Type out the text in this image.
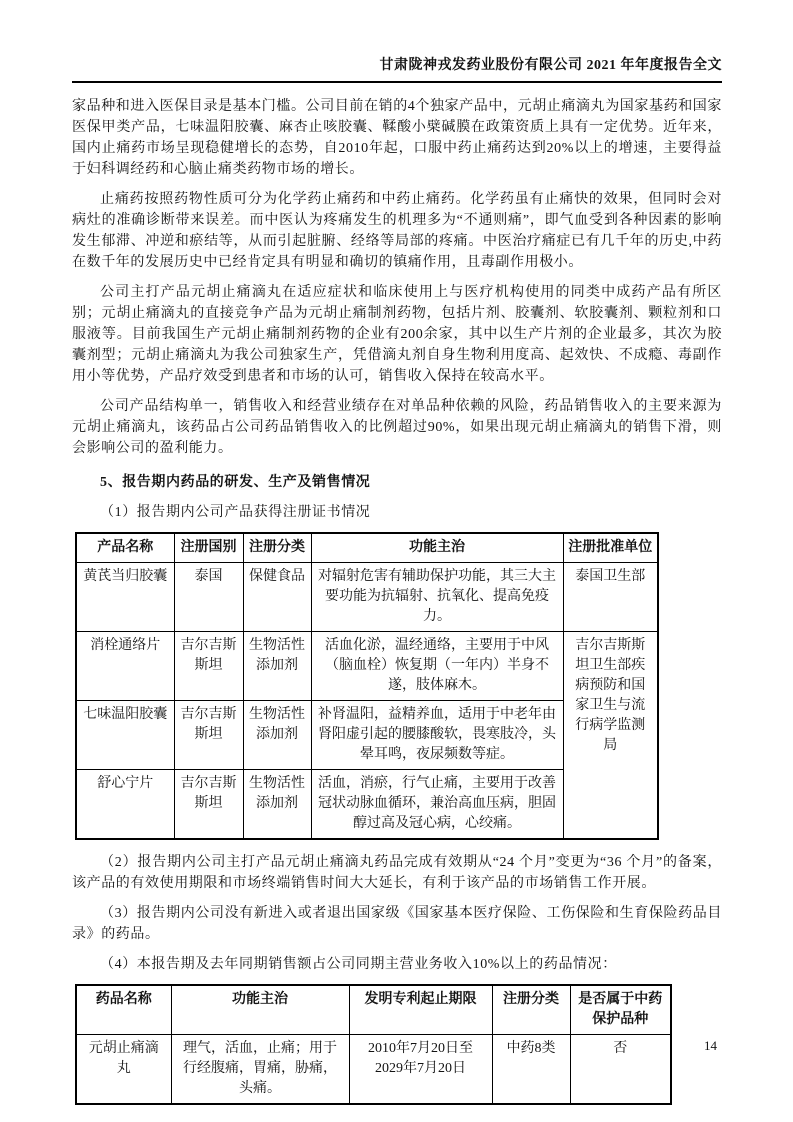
甘肃陇神戎发药业股份有限公司 2021 年年度报告全文

家品种和进入医保目录是基本门槛。公司目前在销的4个独家产品中，元胡止痛滴丸为国家基药和国家医保甲类产品，七味温阳胶囊、麻杏止咳胶囊、鞣酸小檗碱膜在政策资质上具有一定优势。近年来，国内止痛药市场呈现稳健增长的态势，自2010年起，口服中药止痛药达到20%以上的增速，主要得益于妇科调经药和心脑止痛类药物市场的增长。

止痛药按照药物性质可分为化学药止痛药和中药止痛药。化学药虽有止痛快的效果，但同时会对病灶的准确诊断带来误差。而中医认为疼痛发生的机理多为“不通则痛”，即气血受到各种因素的影响发生郁滞、冲逆和瘀结等，从而引起脏腑、经络等局部的疼痛。中医治疗痛症已有几千年的历史,中药在数千年的发展历史中已经肯定具有明显和确切的镇痛作用，且毒副作用极小。

公司主打产品元胡止痛滴丸在适应症状和临床使用上与医疗机构使用的同类中成药产品有所区别；元胡止痛滴丸的直接竞争产品为元胡止痛制剂药物，包括片剂、胶囊剂、软胶囊剂、颗粒剂和口服液等。目前我国生产元胡止痛制剂药物的企业有200余家，其中以生产片剂的企业最多，其次为胶囊剂型；元胡止痛滴丸为我公司独家生产，凭借滴丸剂自身生物利用度高、起效快、不成瘾、毒副作用小等优势，产品疗效受到患者和市场的认可，销售收入保持在较高水平。

公司产品结构单一，销售收入和经营业绩存在对单品种依赖的风险，药品销售收入的主要来源为元胡止痛滴丸，该药品占公司药品销售收入的比例超过90%，如果出现元胡止痛滴丸的销售下滑，则会影响公司的盈利能力。

5、报告期内药品的研发、生产及销售情况

（1）报告期内公司产品获得注册证书情况

产品名称	注册国别	注册分类	功能主治	注册批准单位
黄芪当归胶囊	泰国	保健食品	对辐射危害有辅助保护功能，其三大主要功能为抗辐射、抗氧化、提高免疫力。	泰国卫生部
消栓通络片	吉尔吉斯斯坦	生物活性添加剂	活血化淤，温经通络，主要用于中风（脑血栓）恢复期（一年内）半身不遂，肢体麻木。	吉尔吉斯斯坦卫生部疾病预防和国家卫生与流行病学监测局
七味温阳胶囊	吉尔吉斯斯坦	生物活性添加剂	补肾温阳，益精养血，适用于中老年由肾阳虚引起的腰膝酸软，畏寒肢冷，头晕耳鸣，夜尿频数等症。	
舒心宁片	吉尔吉斯斯坦	生物活性添加剂	活血，消瘀，行气止痛，主要用于改善冠状动脉血循环，兼治高血压病，胆固醇过高及冠心病，心绞痛。	

（2）报告期内公司主打产品元胡止痛滴丸药品完成有效期从“24 个月”变更为“36 个月”的备案，该产品的有效使用期限和市场终端销售时间大大延长，有利于该产品的市场销售工作开展。

（3）报告期内公司没有新进入或者退出国家级《国家基本医疗保险、工伤保险和生育保险药品目录》的药品。

（4）本报告期及去年同期销售额占公司同期主营业务收入10%以上的药品情况：

药品名称	功能主治	发明专利起止期限	注册分类	是否属于中药保护品种
元胡止痛滴丸	理气，活血，止痛；用于行经腹痛，胃痛，胁痛，头痛。	2010年7月20日至2029年7月20日	中药8类	否	14
